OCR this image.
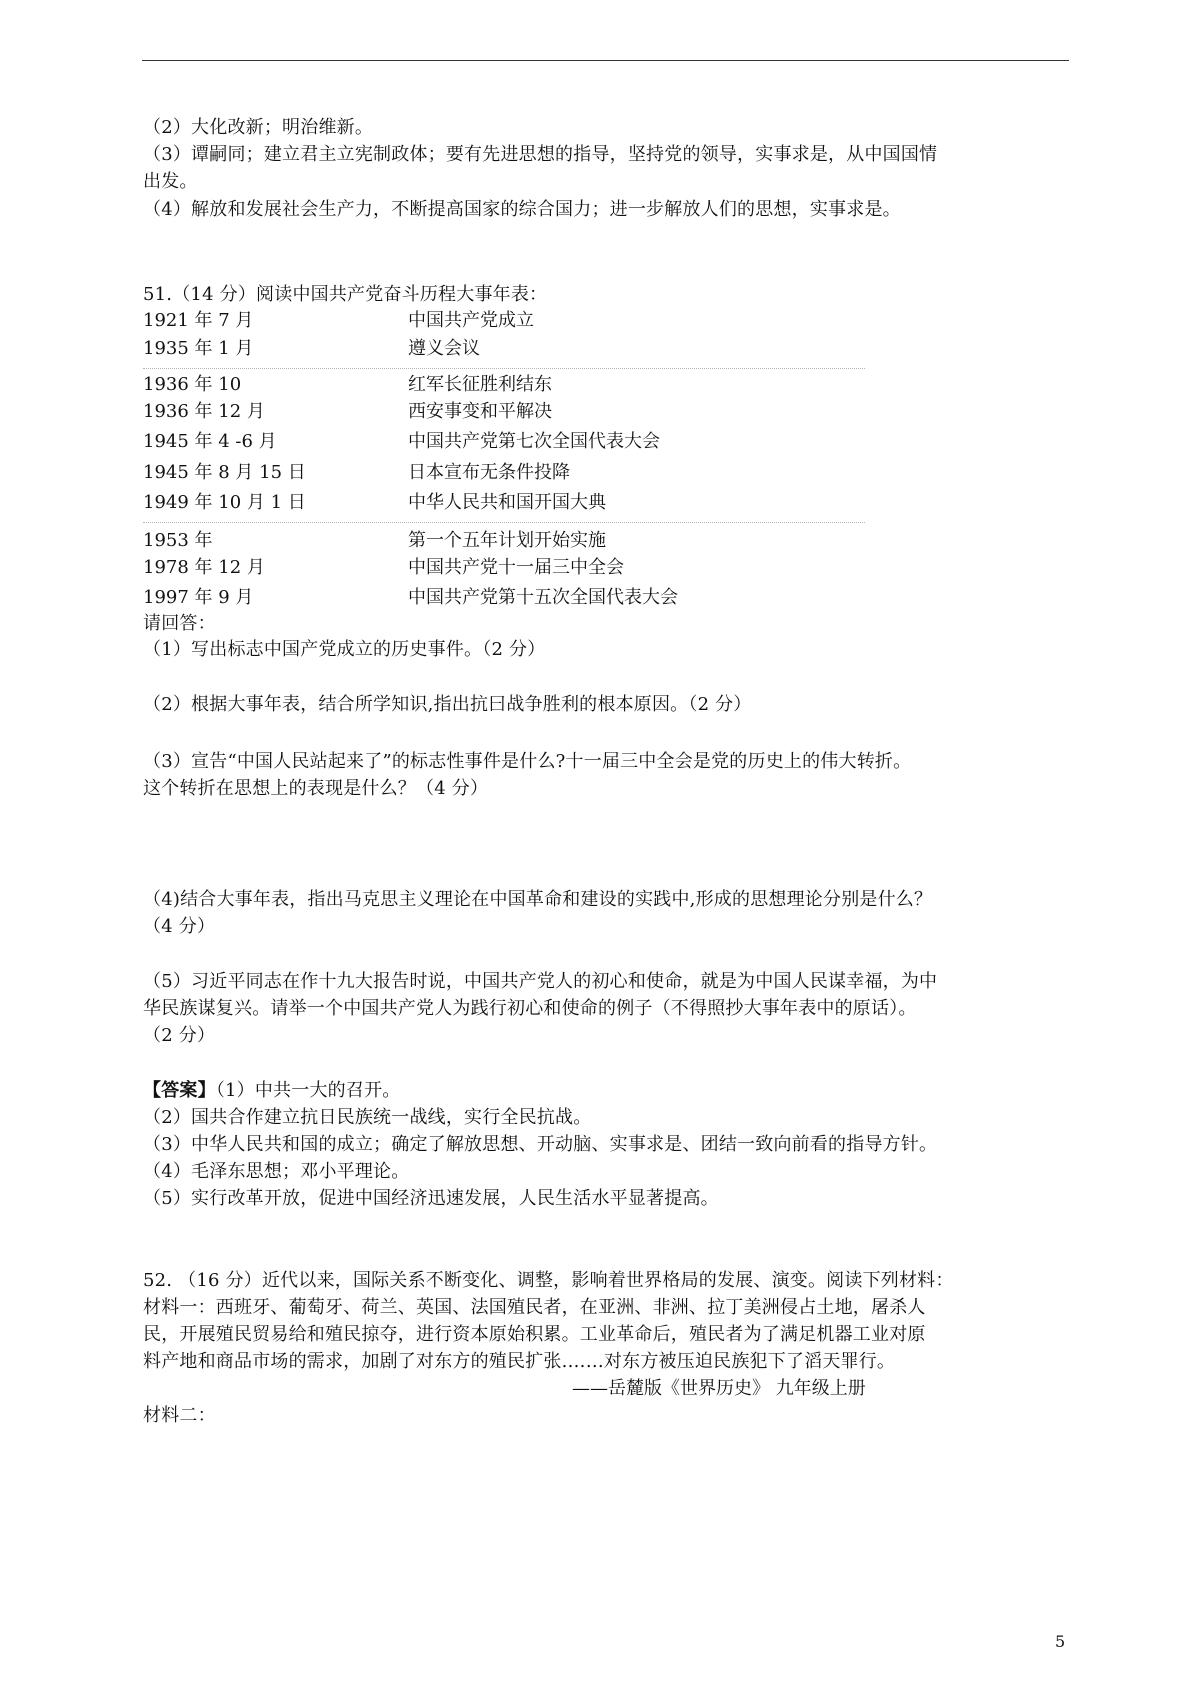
（2）大化改新；明治维新。
（3）谭嗣同；建立君主立宪制政体；要有先进思想的指导，坚持党的领导，实事求是，从中国国情
出发。
（4）解放和发展社会生产力，不断提高国家的综合国力；进一步解放人们的思想，实事求是。
51.（14 分）阅读中国共产党奋斗历程大事年表：
1921 年 7 月	中国共产党成立
1935 年 1 月	遵义会议
1936 年 10	红军长征胜利结东
1936 年 12 月	西安事变和平解决
1945 年 4 -6 月	中国共产党第七次全国代表大会
1945 年 8 月 15 日	日本宣布无条件投降
1949 年 10 月 1 日	中华人民共和国开国大典
1953 年	第一个五年计划开始实施
1978 年 12 月	中国共产党十一届三中全会
1997 年 9 月	中国共产党第十五次全国代表大会
请回答：
（1）写出标志中国产党成立的历史事件。（2 分）
（2）根据大事年表，结合所学知识,指出抗曰战争胜利的根本原因。（2 分）
（3）宣告“中国人民站起来了”的标志性事件是什么?十一届三中全会是党的历史上的伟大转折。
这个转折在思想上的表现是什么？（4 分）
（4)结合大事年表，指出马克思主义理论在中国革命和建设的实践中,形成的思想理论分别是什么？
（4 分）
（5）习近平同志在作十九大报告时说，中国共产党人的初心和使命，就是为中国人民谋幸福，为中
华民族谋复兴。请举一个中国共产党人为践行初心和使命的例子（不得照抄大事年表中的原话）。
（2 分）
【答案】（1）中共一大的召开。
（2）国共合作建立抗日民族统一战线，实行全民抗战。
（3）中华人民共和国的成立；确定了解放思想、开动脑、实事求是、团结一致向前看的指导方针。
（4）毛泽东思想；邓小平理论。
（5）实行改革开放，促进中国经济迅速发展，人民生活水平显著提高。
52. （16 分）近代以来，国际关系不断变化、调整，影响着世界格局的发展、演变。阅读下列材料：
材料一：西班牙、葡萄牙、荷兰、英国、法国殖民者，在亚洲、非洲、拉丁美洲侵占土地，屠杀人
民，开展殖民贸易给和殖民掠夺，进行资本原始积累。工业革命后，殖民者为了满足机器工业对原
料产地和商品市场的需求，加剧了对东方的殖民扩张.……对东方被压迫民族犯下了滔天罪行。
——岳麓版《世界历史》 九年级上册
材料二：
5
